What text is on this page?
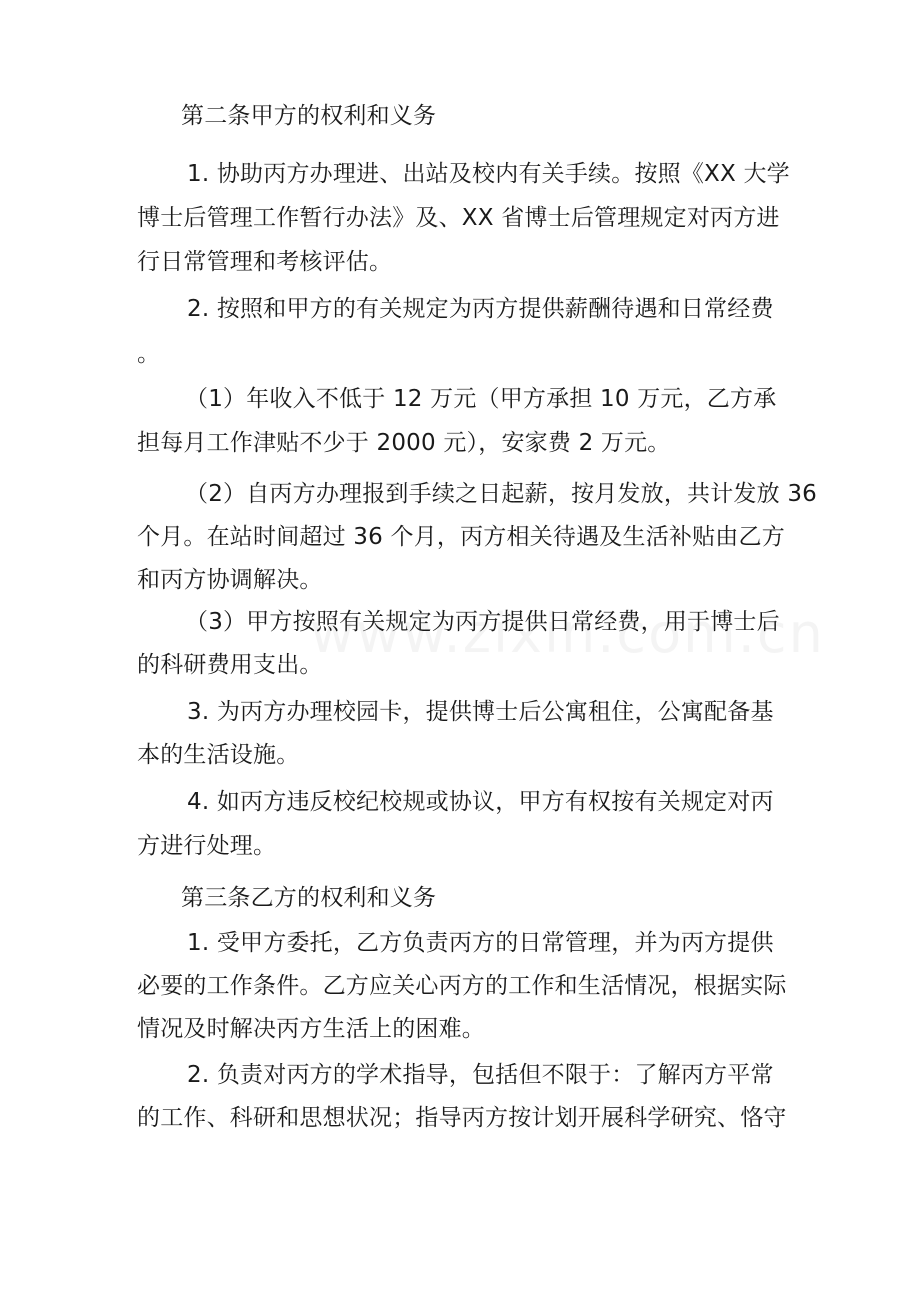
第二条甲方的权利和义务
1. 协助丙方办理进、出站及校内有关手续。按照《XX 大学
博士后管理工作暂行办法》及、XX 省博士后管理规定对丙方进
行日常管理和考核评估。
2. 按照和甲方的有关规定为丙方提供薪酬待遇和日常经费
。
（1）年收入不低于 12 万元（甲方承担 10 万元，乙方承
担每月工作津贴不少于 2000 元），安家费 2 万元。
（2）自丙方办理报到手续之日起薪，按月发放，共计发放 36
个月。在站时间超过 36 个月，丙方相关待遇及生活补贴由乙方
和丙方协调解决。
（3）甲方按照有关规定为丙方提供日常经费，用于博士后
的科研费用支出。
3. 为丙方办理校园卡，提供博士后公寓租住，公寓配备基
本的生活设施。
4. 如丙方违反校纪校规或协议，甲方有权按有关规定对丙
方进行处理。
第三条乙方的权利和义务
1. 受甲方委托，乙方负责丙方的日常管理，并为丙方提供
必要的工作条件。乙方应关心丙方的工作和生活情况，根据实际
情况及时解决丙方生活上的困难。
2. 负责对丙方的学术指导，包括但不限于：了解丙方平常
的工作、科研和思想状况；指导丙方按计划开展科学研究、恪守
